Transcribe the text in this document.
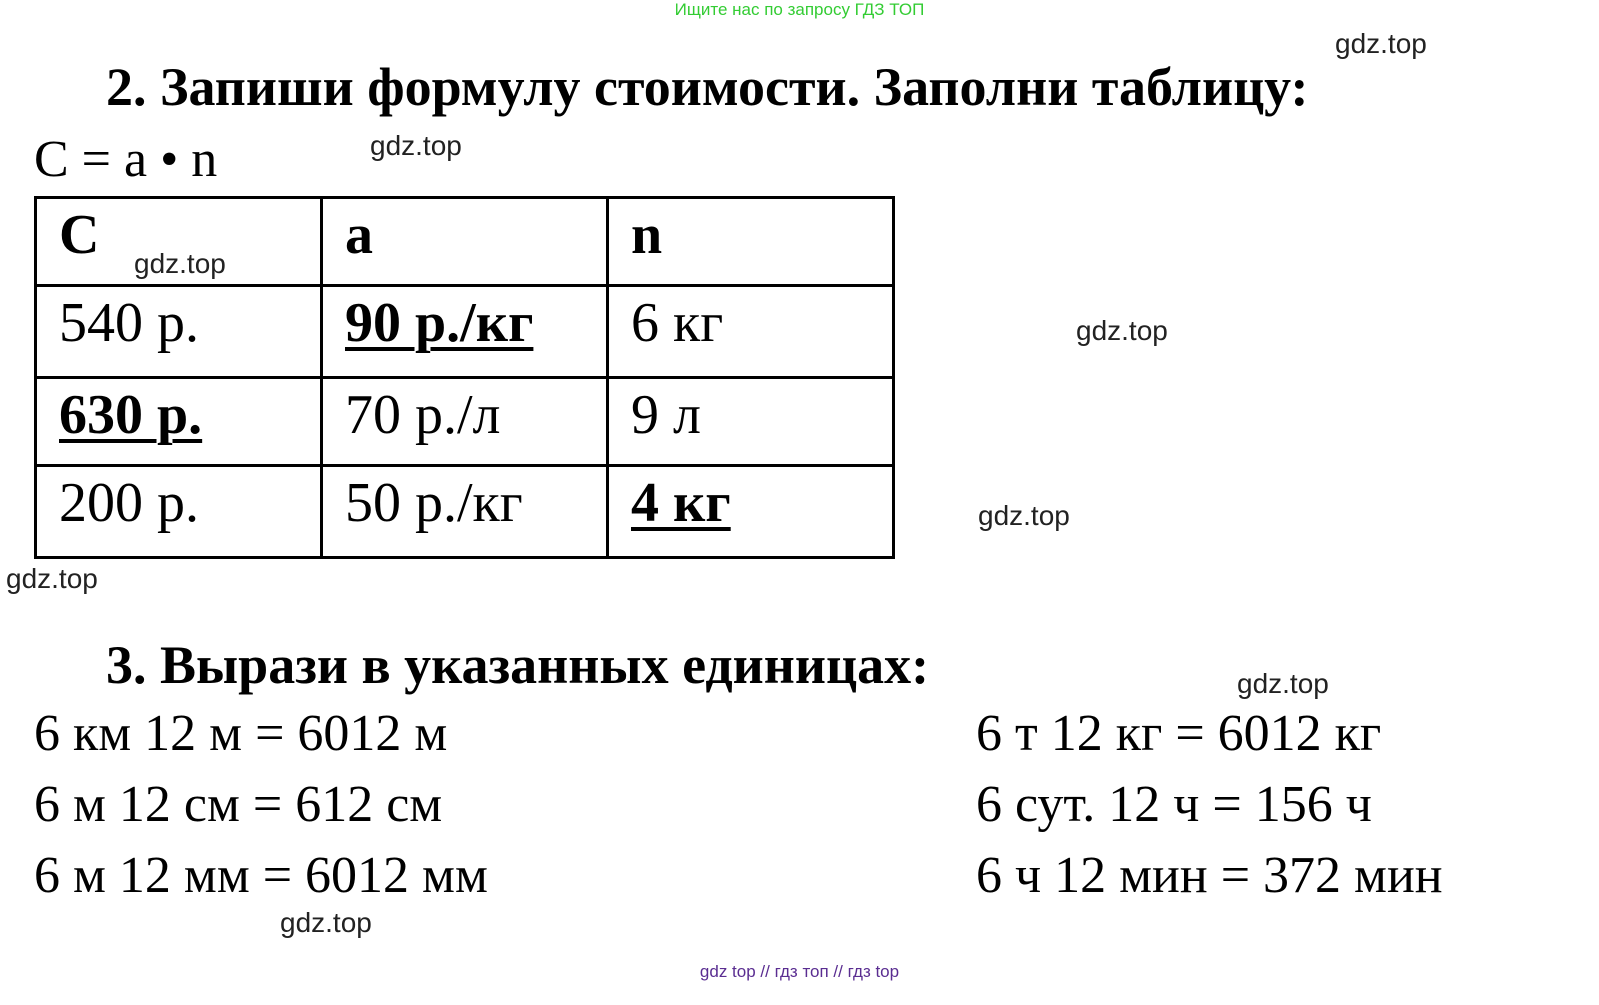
Ищите нас по запросу ГДЗ ТОП
gdz.top
2. Запиши формулу стоимости. Заполни таблицу:
С = a • n	gdz.top
С	a	n
540 р.	90 р./кг	6 кг
630 р.	70 р./л	9 л
200 р.	50 р./кг	4 кг
gdz.top
gdz.top
gdz.top
gdz.top
3. Вырази в указанных единицах:	gdz.top
6 км 12 м = 6012 м
6 м 12 см = 612 см
6 м 12 мм = 6012 мм
6 т 12 кг = 6012 кг
6 сут. 12 ч = 156 ч
6 ч 12 мин = 372 мин
gdz.top
gdz top // гдз топ // гдз top
